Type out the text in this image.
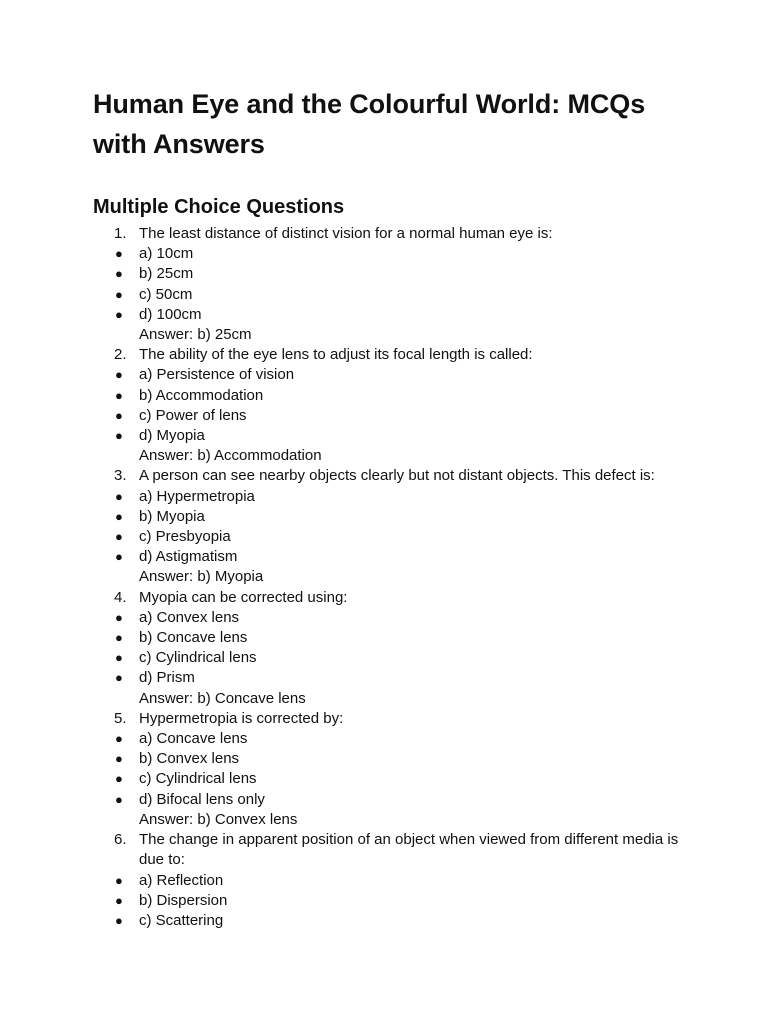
Human Eye and the Colourful World: MCQs with Answers
Multiple Choice Questions
1. The least distance of distinct vision for a normal human eye is:
● a) 10cm
● b) 25cm
● c) 50cm
● d) 100cm
Answer: b) 25cm
2. The ability of the eye lens to adjust its focal length is called:
● a) Persistence of vision
● b) Accommodation
● c) Power of lens
● d) Myopia
Answer: b) Accommodation
3. A person can see nearby objects clearly but not distant objects. This defect is:
● a) Hypermetropia
● b) Myopia
● c) Presbyopia
● d) Astigmatism
Answer: b) Myopia
4. Myopia can be corrected using:
● a) Convex lens
● b) Concave lens
● c) Cylindrical lens
● d) Prism
Answer: b) Concave lens
5. Hypermetropia is corrected by:
● a) Concave lens
● b) Convex lens
● c) Cylindrical lens
● d) Bifocal lens only
Answer: b) Convex lens
6. The change in apparent position of an object when viewed from different media is due to:
● a) Reflection
● b) Dispersion
● c) Scattering
